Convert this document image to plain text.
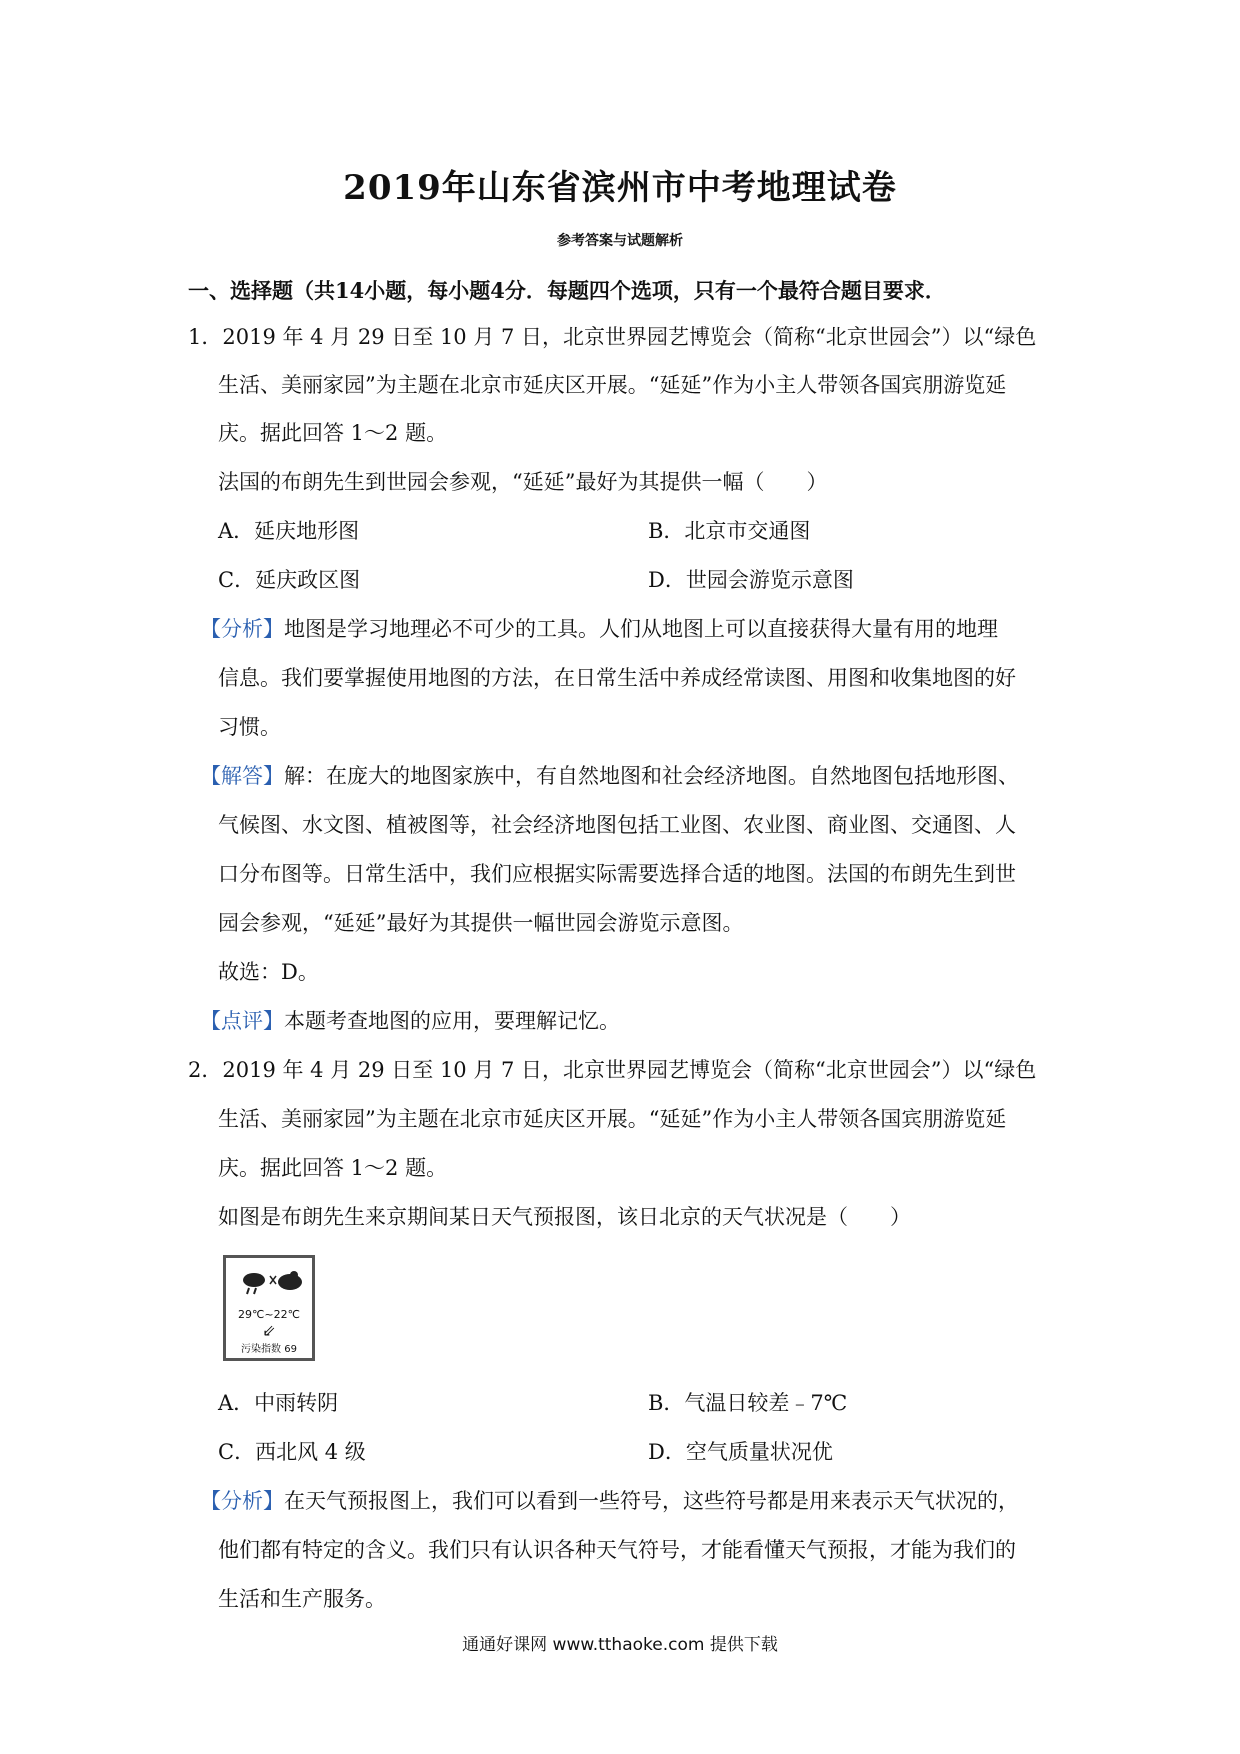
2019年山东省滨州市中考地理试卷
参考答案与试题解析
一、选择题（共14小题，每小题4分．每题四个选项，只有一个最符合题目要求．
1．2019 年 4 月 29 日至 10 月 7 日，北京世界园艺博览会（简称“北京世园会”）以“绿色
生活、美丽家园”为主题在北京市延庆区开展。“延延”作为小主人带领各国宾朋游览延
庆。据此回答 1～2 题。
法国的布朗先生到世园会参观，“延延”最好为其提供一幅（　　）
A．延庆地形图	B．北京市交通图
C．延庆政区图	D．世园会游览示意图
【分析】地图是学习地理必不可少的工具。人们从地图上可以直接获得大量有用的地理
信息。我们要掌握使用地图的方法，在日常生活中养成经常读图、用图和收集地图的好
习惯。
【解答】解：在庞大的地图家族中，有自然地图和社会经济地图。自然地图包括地形图、
气候图、水文图、植被图等，社会经济地图包括工业图、农业图、商业图、交通图、人
口分布图等。日常生活中，我们应根据实际需要选择合适的地图。法国的布朗先生到世
园会参观，“延延”最好为其提供一幅世园会游览示意图。
故选：D。
【点评】本题考查地图的应用，要理解记忆。
2．2019 年 4 月 29 日至 10 月 7 日，北京世界园艺博览会（简称“北京世园会”）以“绿色
生活、美丽家园”为主题在北京市延庆区开展。“延延”作为小主人带领各国宾朋游览延
庆。据此回答 1～2 题。
如图是布朗先生来京期间某日天气预报图，该日北京的天气状况是（　　）
29℃~22℃
⇙
污染指数 69
A．中雨转阴	B．气温日较差﹣7℃
C．西北风 4 级	D．空气质量状况优
【分析】在天气预报图上，我们可以看到一些符号，这些符号都是用来表示天气状况的，
他们都有特定的含义。我们只有认识各种天气符号，才能看懂天气预报，才能为我们的
生活和生产服务。
通通好课网 www.tthaoke.com 提供下载
